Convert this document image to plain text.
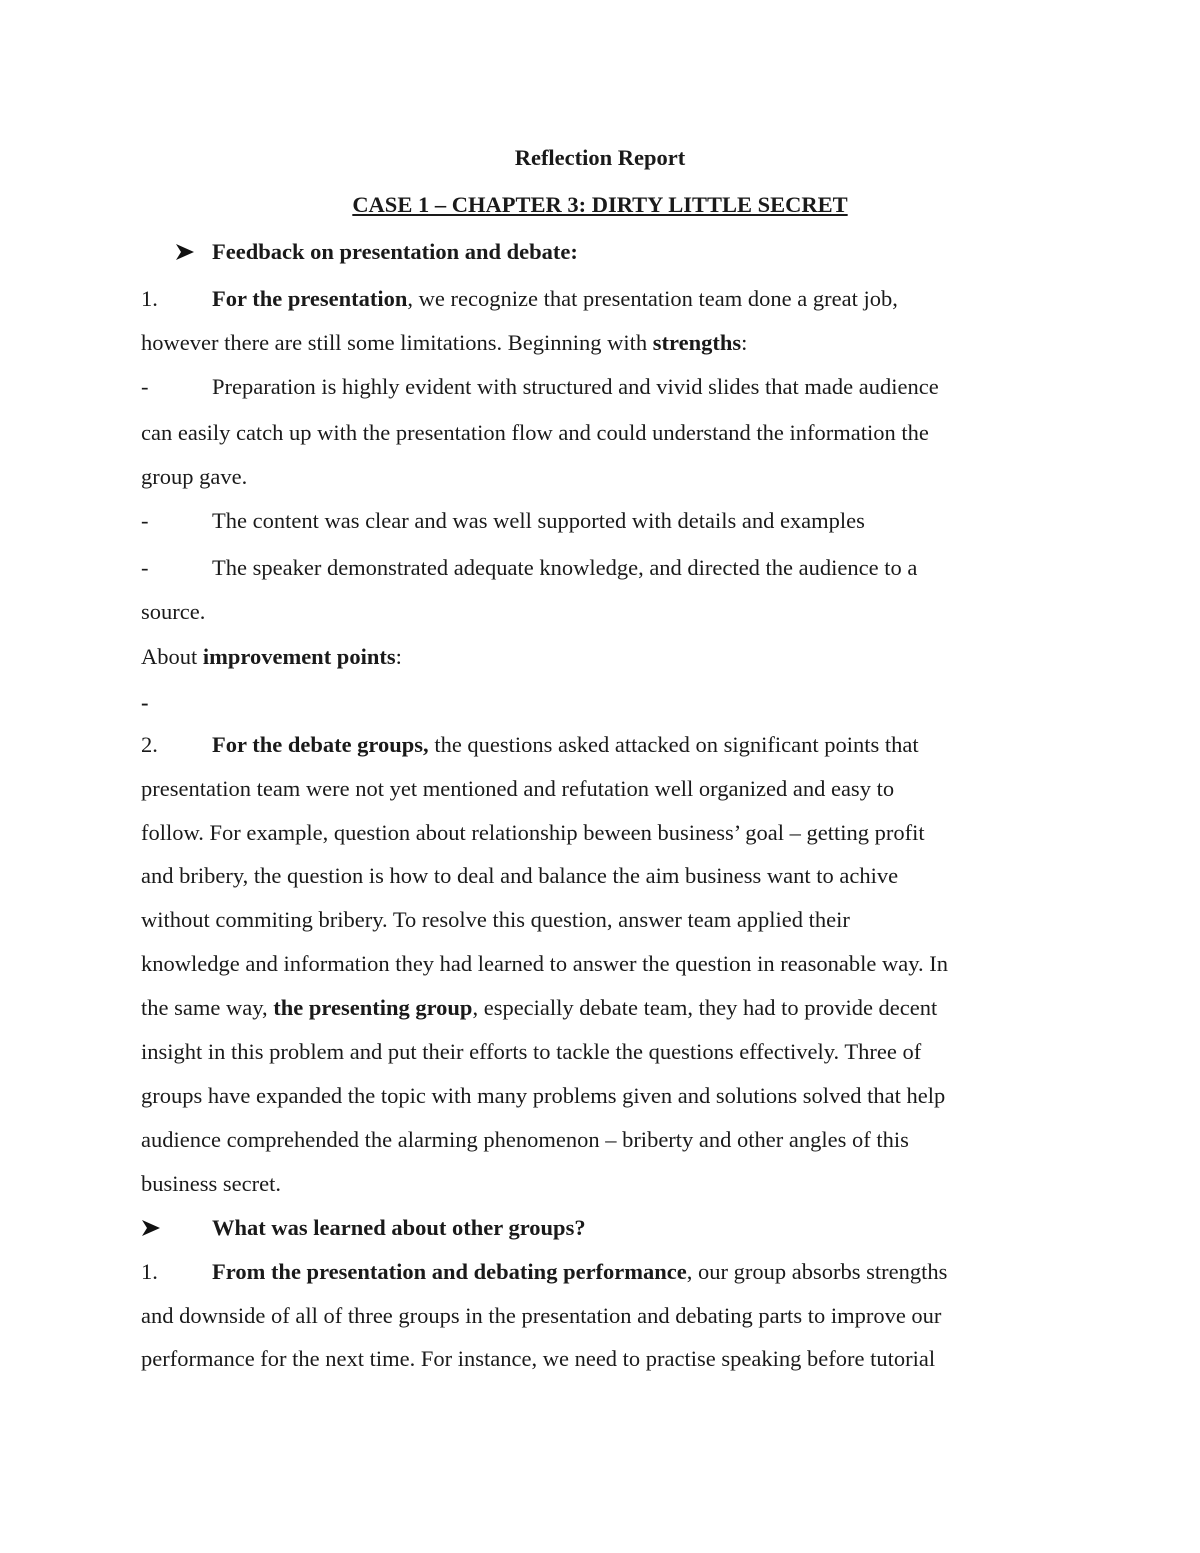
Reflection Report
CASE 1 – CHAPTER 3: DIRTY LITTLE SECRET
Feedback on presentation and debate:
1. For the presentation, we recognize that presentation team done a great job,
however there are still some limitations. Beginning with strengths:
-	Preparation is highly evident with structured and vivid slides that made audience
can easily catch up with the presentation flow and could understand the information the
group gave.
-	The content was clear and was well supported with details and examples
-	The speaker demonstrated adequate knowledge, and directed the audience to a
source.
About improvement points:
-
2. For the debate groups, the questions asked attacked on significant points that
presentation team were not yet mentioned and refutation well organized and easy to
follow. For example, question about relationship beween business’ goal – getting profit
and bribery, the question is how to deal and balance the aim business want to achive
without commiting bribery. To resolve this question, answer team applied their
knowledge and information they had learned to answer the question in reasonable way. In
the same way, the presenting group, especially debate team, they had to provide decent
insight in this problem and put their efforts to tackle the questions effectively. Three of
groups have expanded the topic with many problems given and solutions solved that help
audience comprehended the alarming phenomenon – briberty and other angles of this
business secret.
What was learned about other groups?
1. From the presentation and debating performance, our group absorbs strengths
and downside of all of three groups in the presentation and debating parts to improve our
performance for the next time. For instance, we need to practise speaking before tutorial
